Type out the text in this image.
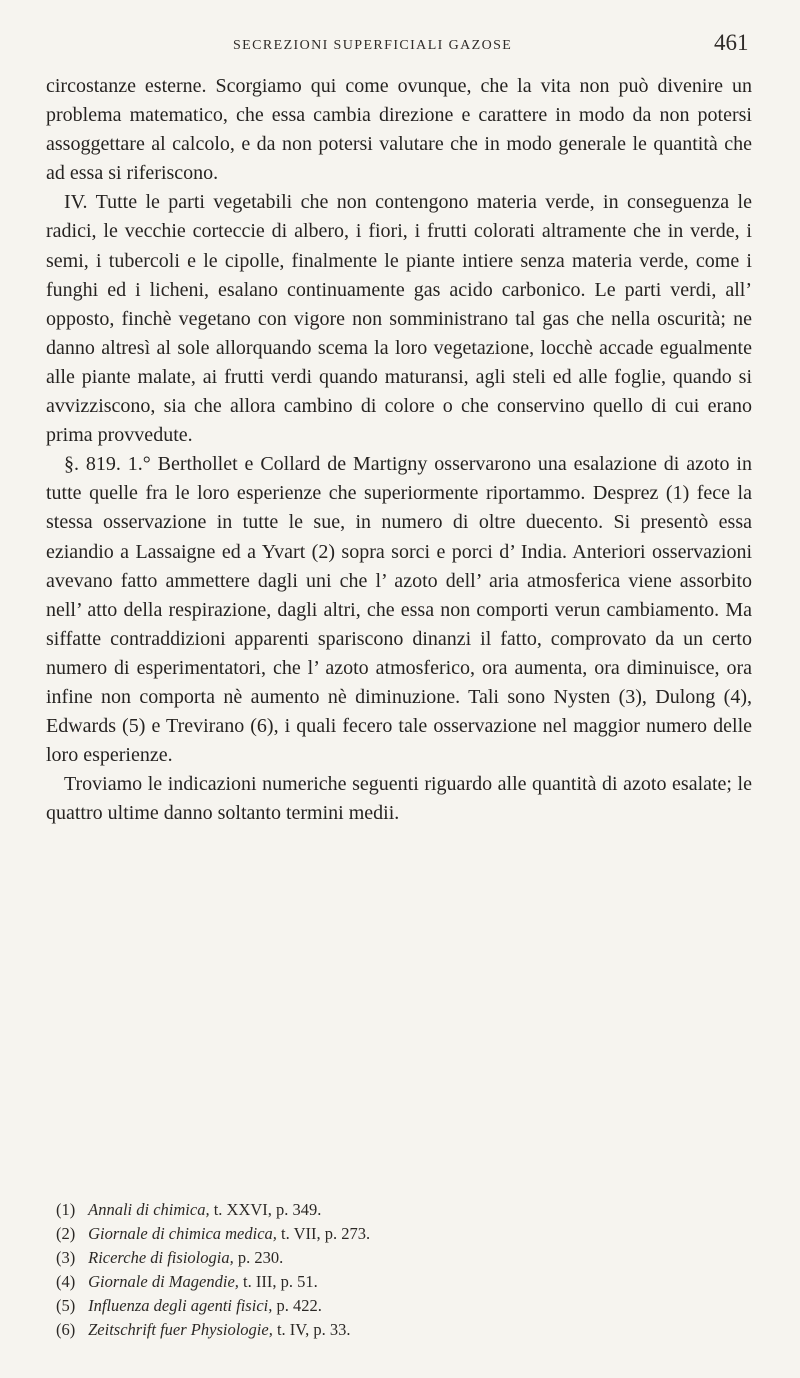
SECREZIONI SUPERFICIALI GAZOSE	461

circostanze esterne. Scorgiamo qui come ovunque, che la vita non può divenire un problema matematico, che essa cambia direzione e carattere in modo da non potersi assoggettare al calcolo, e da non potersi valutare che in modo generale le quantità che ad essa si riferiscono.

IV. Tutte le parti vegetabili che non contengono materia verde, in conseguenza le radici, le vecchie corteccie di albero, i fiori, i frutti colorati altramente che in verde, i semi, i tubercoli e le cipolle, finalmente le piante intiere senza materia verde, come i funghi ed i licheni, esalano continuamente gas acido carbonico. Le parti verdi, all’ opposto, finchè vegetano con vigore non somministrano tal gas che nella oscurità; ne danno altresì al sole allorquando scema la loro vegetazione, locchè accade egualmente alle piante malate, ai frutti verdi quando maturansi, agli steli ed alle foglie, quando si avvizziscono, sia che allora cambino di colore o che conservino quello di cui erano prima provvedute.

§. 819. 1.° Berthollet e Collard de Martigny osservarono una esalazione di azoto in tutte quelle fra le loro esperienze che superiormente riportammo. Desprez (1) fece la stessa osservazione in tutte le sue, in numero di oltre duecento. Si presentò essa eziandio a Lassaigne ed a Yvart (2) sopra sorci e porci d’ India. Anteriori osservazioni avevano fatto ammettere dagli uni che l’ azoto dell’ aria atmosferica viene assorbito nell’ atto della respirazione, dagli altri, che essa non comporti verun cambiamento. Ma siffatte contraddizioni apparenti spariscono dinanzi il fatto, comprovato da un certo numero di esperimentatori, che l’ azoto atmosferico, ora aumenta, ora diminuisce, ora infine non comporta nè aumento nè diminuzione. Tali sono Nysten (3), Dulong (4), Edwards (5) e Trevirano (6), i quali fecero tale osservazione nel maggior numero delle loro esperienze.

Troviamo le indicazioni numeriche seguenti riguardo alle quantità di azoto esalate; le quattro ultime danno soltanto termini medii.

(1) Annali di chimica, t. XXVI, p. 349.
(2) Giornale di chimica medica, t. VII, p. 273.
(3) Ricerche di fisiologia, p. 230.
(4) Giornale di Magendie, t. III, p. 51.
(5) Influenza degli agenti fisici, p. 422.
(6) Zeitschrift fuer Physiologie, t. IV, p. 33.
